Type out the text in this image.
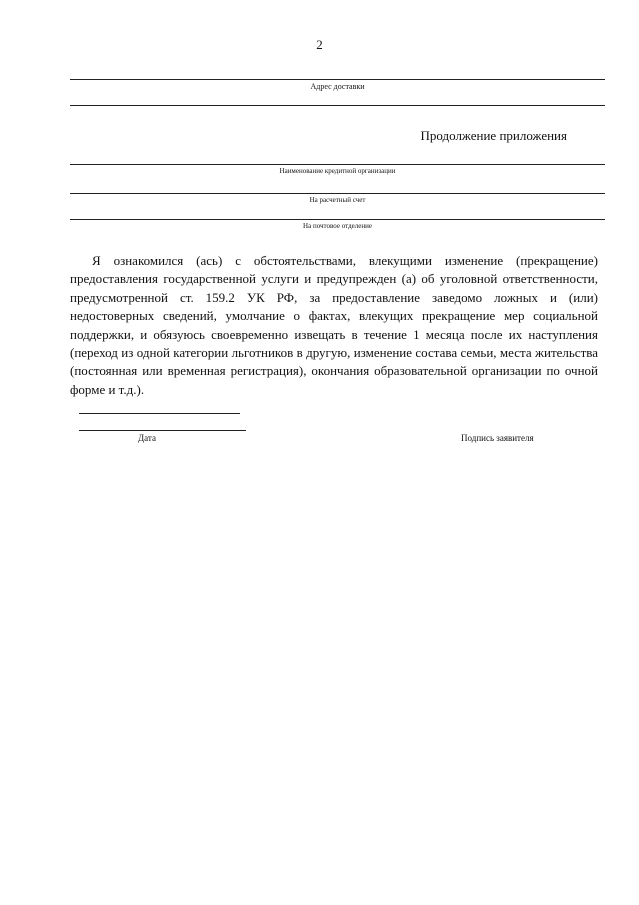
2
Адрес доставки
Продолжение приложения
Наименование кредитной организации
На расчетный счет
На почтовое отделение

Я ознакомился (ась) с обстоятельствами, влекущими изменение (прекращение) предоставления государственной услуги и предупрежден (а) об уголовной ответственности, предусмотренной ст. 159.2 УК РФ, за предоставление заведомо ложных и (или) недостоверных сведений, умолчание о фактах, влекущих прекращение мер социальной поддержки, и обязуюсь своевременно извещать в течение 1 месяца после их наступления (переход из одной категории льготников в другую, изменение состава семьи, места жительства (постоянная или временная регистрация), окончания образовательной организации по очной форме и т.д.).

Дата	Подпись заявителя
